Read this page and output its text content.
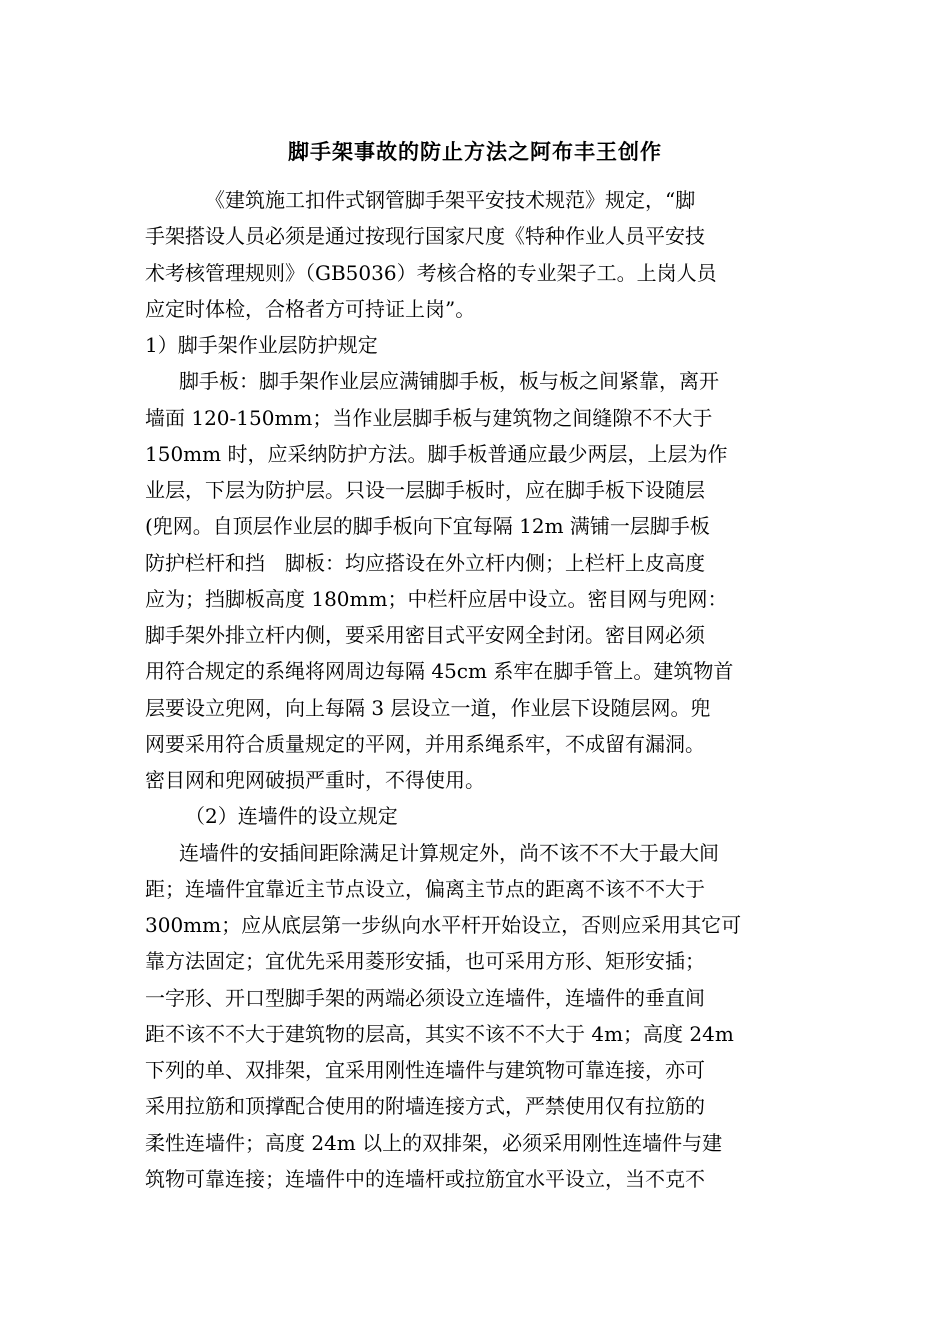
脚手架事故的防止方法之阿布丰王创作
《建筑施工扣件式钢管脚手架平安技术规范》规定，“脚
手架搭设人员必须是通过按现行国家尺度《特种作业人员平安技
术考核管理规则》（GB5036）考核合格的专业架子工。上岗人员
应定时体检，合格者方可持证上岗”。
1）脚手架作业层防护规定
脚手板：脚手架作业层应满铺脚手板，板与板之间紧靠，离开
墙面 120-150mm；当作业层脚手板与建筑物之间缝隙不不大于
150mm 时，应采纳防护方法。脚手板普通应最少两层，上层为作
业层，下层为防护层。只设一层脚手板时，应在脚手板下设随层
(兜网。自顶层作业层的脚手板向下宜每隔 12m 满铺一层脚手板
防护栏杆和挡　脚板：均应搭设在外立杆内侧；上栏杆上皮高度
应为；挡脚板高度 180mm；中栏杆应居中设立。密目网与兜网：
脚手架外排立杆内侧，要采用密目式平安网全封闭。密目网必须
用符合规定的系绳将网周边每隔 45cm 系牢在脚手管上。建筑物首
层要设立兜网，向上每隔 3 层设立一道，作业层下设随层网。兜
网要采用符合质量规定的平网，并用系绳系牢，不成留有漏洞。
密目网和兜网破损严重时，不得使用。
（2）连墙件的设立规定
连墙件的安插间距除满足计算规定外，尚不该不不大于最大间
距；连墙件宜靠近主节点设立，偏离主节点的距离不该不不大于
300mm；应从底层第一步纵向水平杆开始设立，否则应采用其它可
靠方法固定；宜优先采用菱形安插，也可采用方形、矩形安插；
一字形、开口型脚手架的两端必须设立连墙件，连墙件的垂直间
距不该不不大于建筑物的层高，其实不该不不大于 4m；高度 24m
下列的单、双排架，宜采用刚性连墙件与建筑物可靠连接，亦可
采用拉筋和顶撑配合使用的附墙连接方式，严禁使用仅有拉筋的
柔性连墙件；高度 24m 以上的双排架，必须采用刚性连墙件与建
筑物可靠连接；连墙件中的连墙杆或拉筋宜水平设立，当不克不
